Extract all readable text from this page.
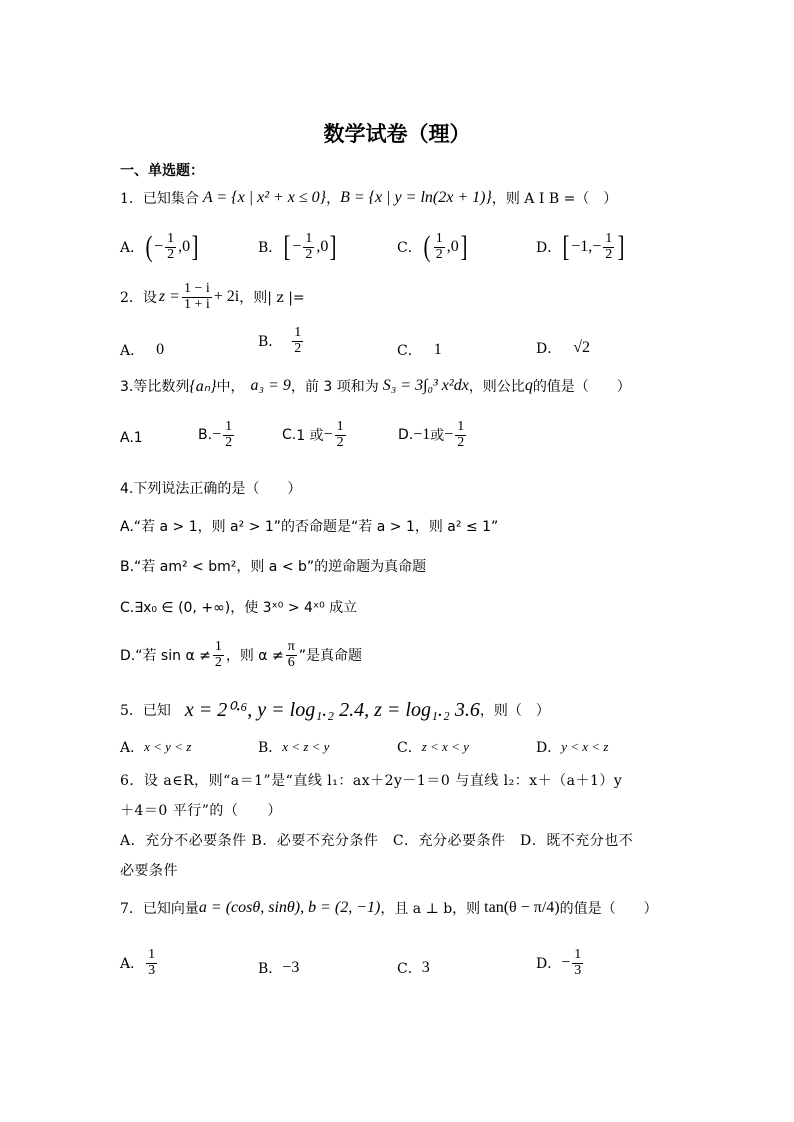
数学试卷（理）
一、单选题：
1．已知集合 A = {x | x² + x ≤ 0} ， B = {x | y = ln(2x + 1)} ，则 A I B =（　）
A． ( − $\frac{1}{2} ,0$ ]	B． [ − $\frac{1}{2} ,0$ ]	C． ( $\frac{1}{2} ,0$ ]	D． [ $-1,- \frac{1}{2}$ ]
2．设 $z = \frac{1 - i}{1 + i} + 2i$ ，则| z |=
A． 0	B． $\frac{1}{2}$	C． 1	D． √2
3.等比数列 {aₙ} 中， a₃ = 9 ，前 3 项和为 S₃ = 3∫₀³ x²dx ，则公比 q 的值是（　　）
A. 1	B. − $\frac{1}{2}$	C. 1 或 − $\frac{1}{2}$	D. −1 或 − $\frac{1}{2}$
4.下列说法正确的是（　　）
A.“若 a > 1，则 a² > 1”的否命题是“若 a > 1，则 a² ≤ 1”
B.“若 am² < bm²，则 a < b”的逆命题为真命题
C.∃x₀ ∈ (0, +∞)，使 3ˣ⁰ > 4ˣ⁰ 成立
D.“若 $\sin \alpha \ne \frac{1}{2}$ ，则 $\alpha \ne \frac{\pi}{6}$ ”是真命题
5．已知 x = 2⁰·⁶, y = log₁.₂ 2.4, z = log₁.₂ 3.6 ，则（　）
A． x < y < z	B． x < z < y	C． z < x < y	D． y < x < z
6．设 a∈R，则“a＝1”是“直线 l₁：ax＋2y－1＝0 与直线 l₂：x＋（a＋1）y
＋4＝0 平行”的（　　）
A．充分不必要条件 B．必要不充分条件　C．充分必要条件　D．既不充分也不
必要条件
7．已知向量 a = (cosθ, sinθ), b = (2, −1) ，且 a ⊥ b，则 tan(θ − π/4) 的值是（　　）
A． $\frac{1}{3}$	B． −3	C． 3	D． − $\frac{1}{3}$
